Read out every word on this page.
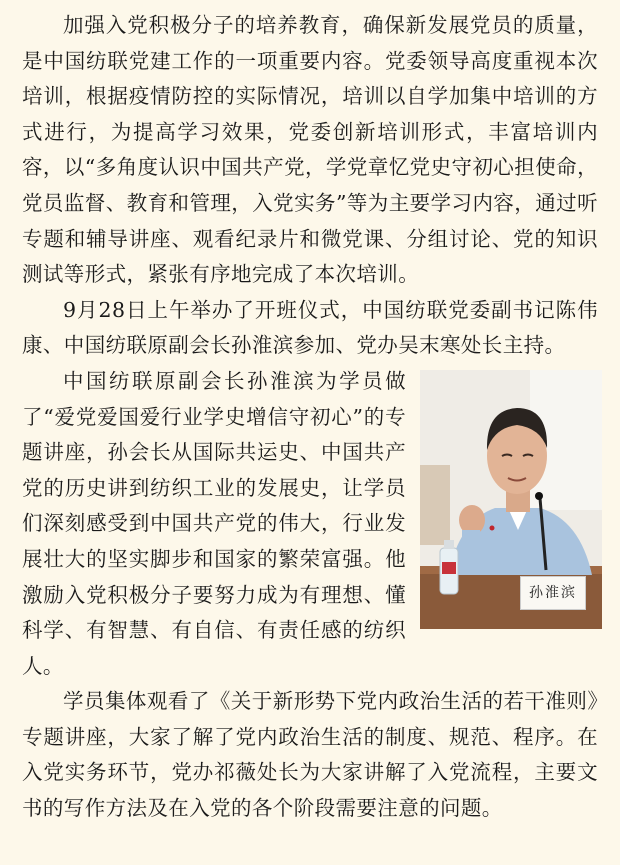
加强入党积极分子的培养教育，确保新发展党员的质量，是中国纺联党建工作的一项重要内容。党委领导高度重视本次培训，根据疫情防控的实际情况，培训以自学加集中培训的方式进行，为提高学习效果，党委创新培训形式，丰富培训内容，以“多角度认识中国共产党，学党章忆党史守初心担使命，党员监督、教育和管理，入党实务”等为主要学习内容，通过听专题和辅导讲座、观看纪录片和微党课、分组讨论、党的知识测试等形式，紧张有序地完成了本次培训。

9月28日上午举办了开班仪式，中国纺联党委副书记陈伟康、中国纺联原副会长孙淮滨参加、党办吴末寒处长主持。

孙淮滨

中国纺联原副会长孙淮滨为学员做了“爱党爱国爱行业学史增信守初心”的专题讲座，孙会长从国际共运史、中国共产党的历史讲到纺织工业的发展史，让学员们深刻感受到中国共产党的伟大，行业发展壮大的坚实脚步和国家的繁荣富强。他激励入党积极分子要努力成为有理想、懂科学、有智慧、有自信、有责任感的纺织人。

学员集体观看了《关于新形势下党内政治生活的若干准则》专题讲座，大家了解了党内政治生活的制度、规范、程序。在入党实务环节，党办祁薇处长为大家讲解了入党流程，主要文书的写作方法及在入党的各个阶段需要注意的问题。
